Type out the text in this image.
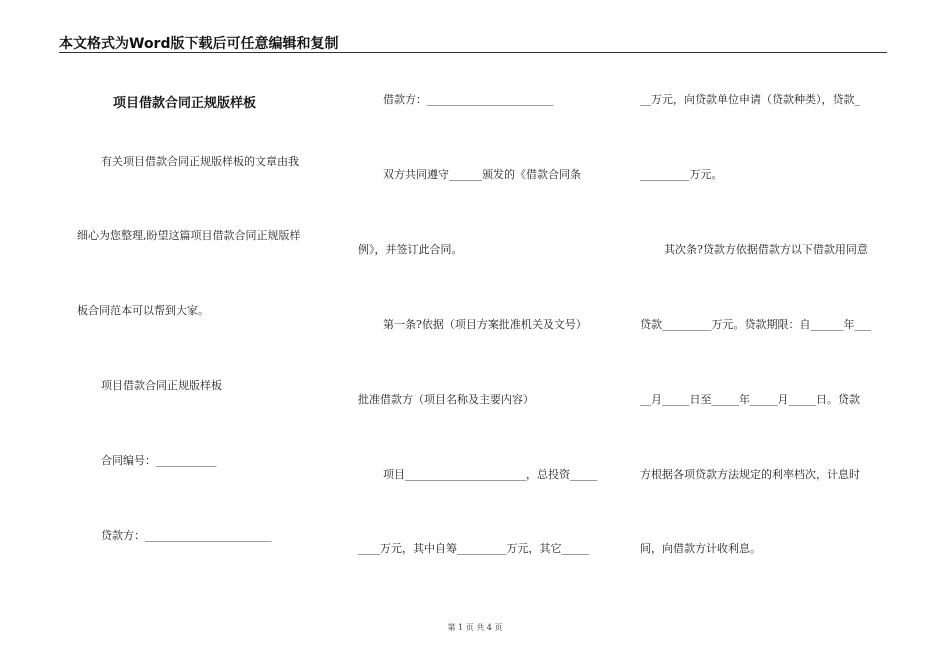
本文格式为Word版下载后可任意编辑和复制
项目借款合同正规版样板
有关项目借款合同正规版样板的文章由我
细心为您整理,盼望这篇项目借款合同正规版样
板合同范本可以帮到大家。
项目借款合同正规版样板
合同编号：___________
贷款方：_______________________
借款方：_______________________
双方共同遵守______颁发的《借款合同条
例》，并签订此合同。
第一条?依据（项目方案批准机关及文号）
批准借款方（项目名称及主要内容）
项目______________________，总投资_____
____万元，其中自筹_________万元，其它_____
__万元，向贷款单位申请（贷款种类），贷款_
_________万元。
其次条?贷款方依据借款方以下借款用同意
贷款_________万元。贷款期限：自______年___
__月_____日至_____年_____月_____日。贷款
方根据各项贷款方法规定的利率档次，计息时
间，向借款方计收利息。
第 1 页 共 4 页
